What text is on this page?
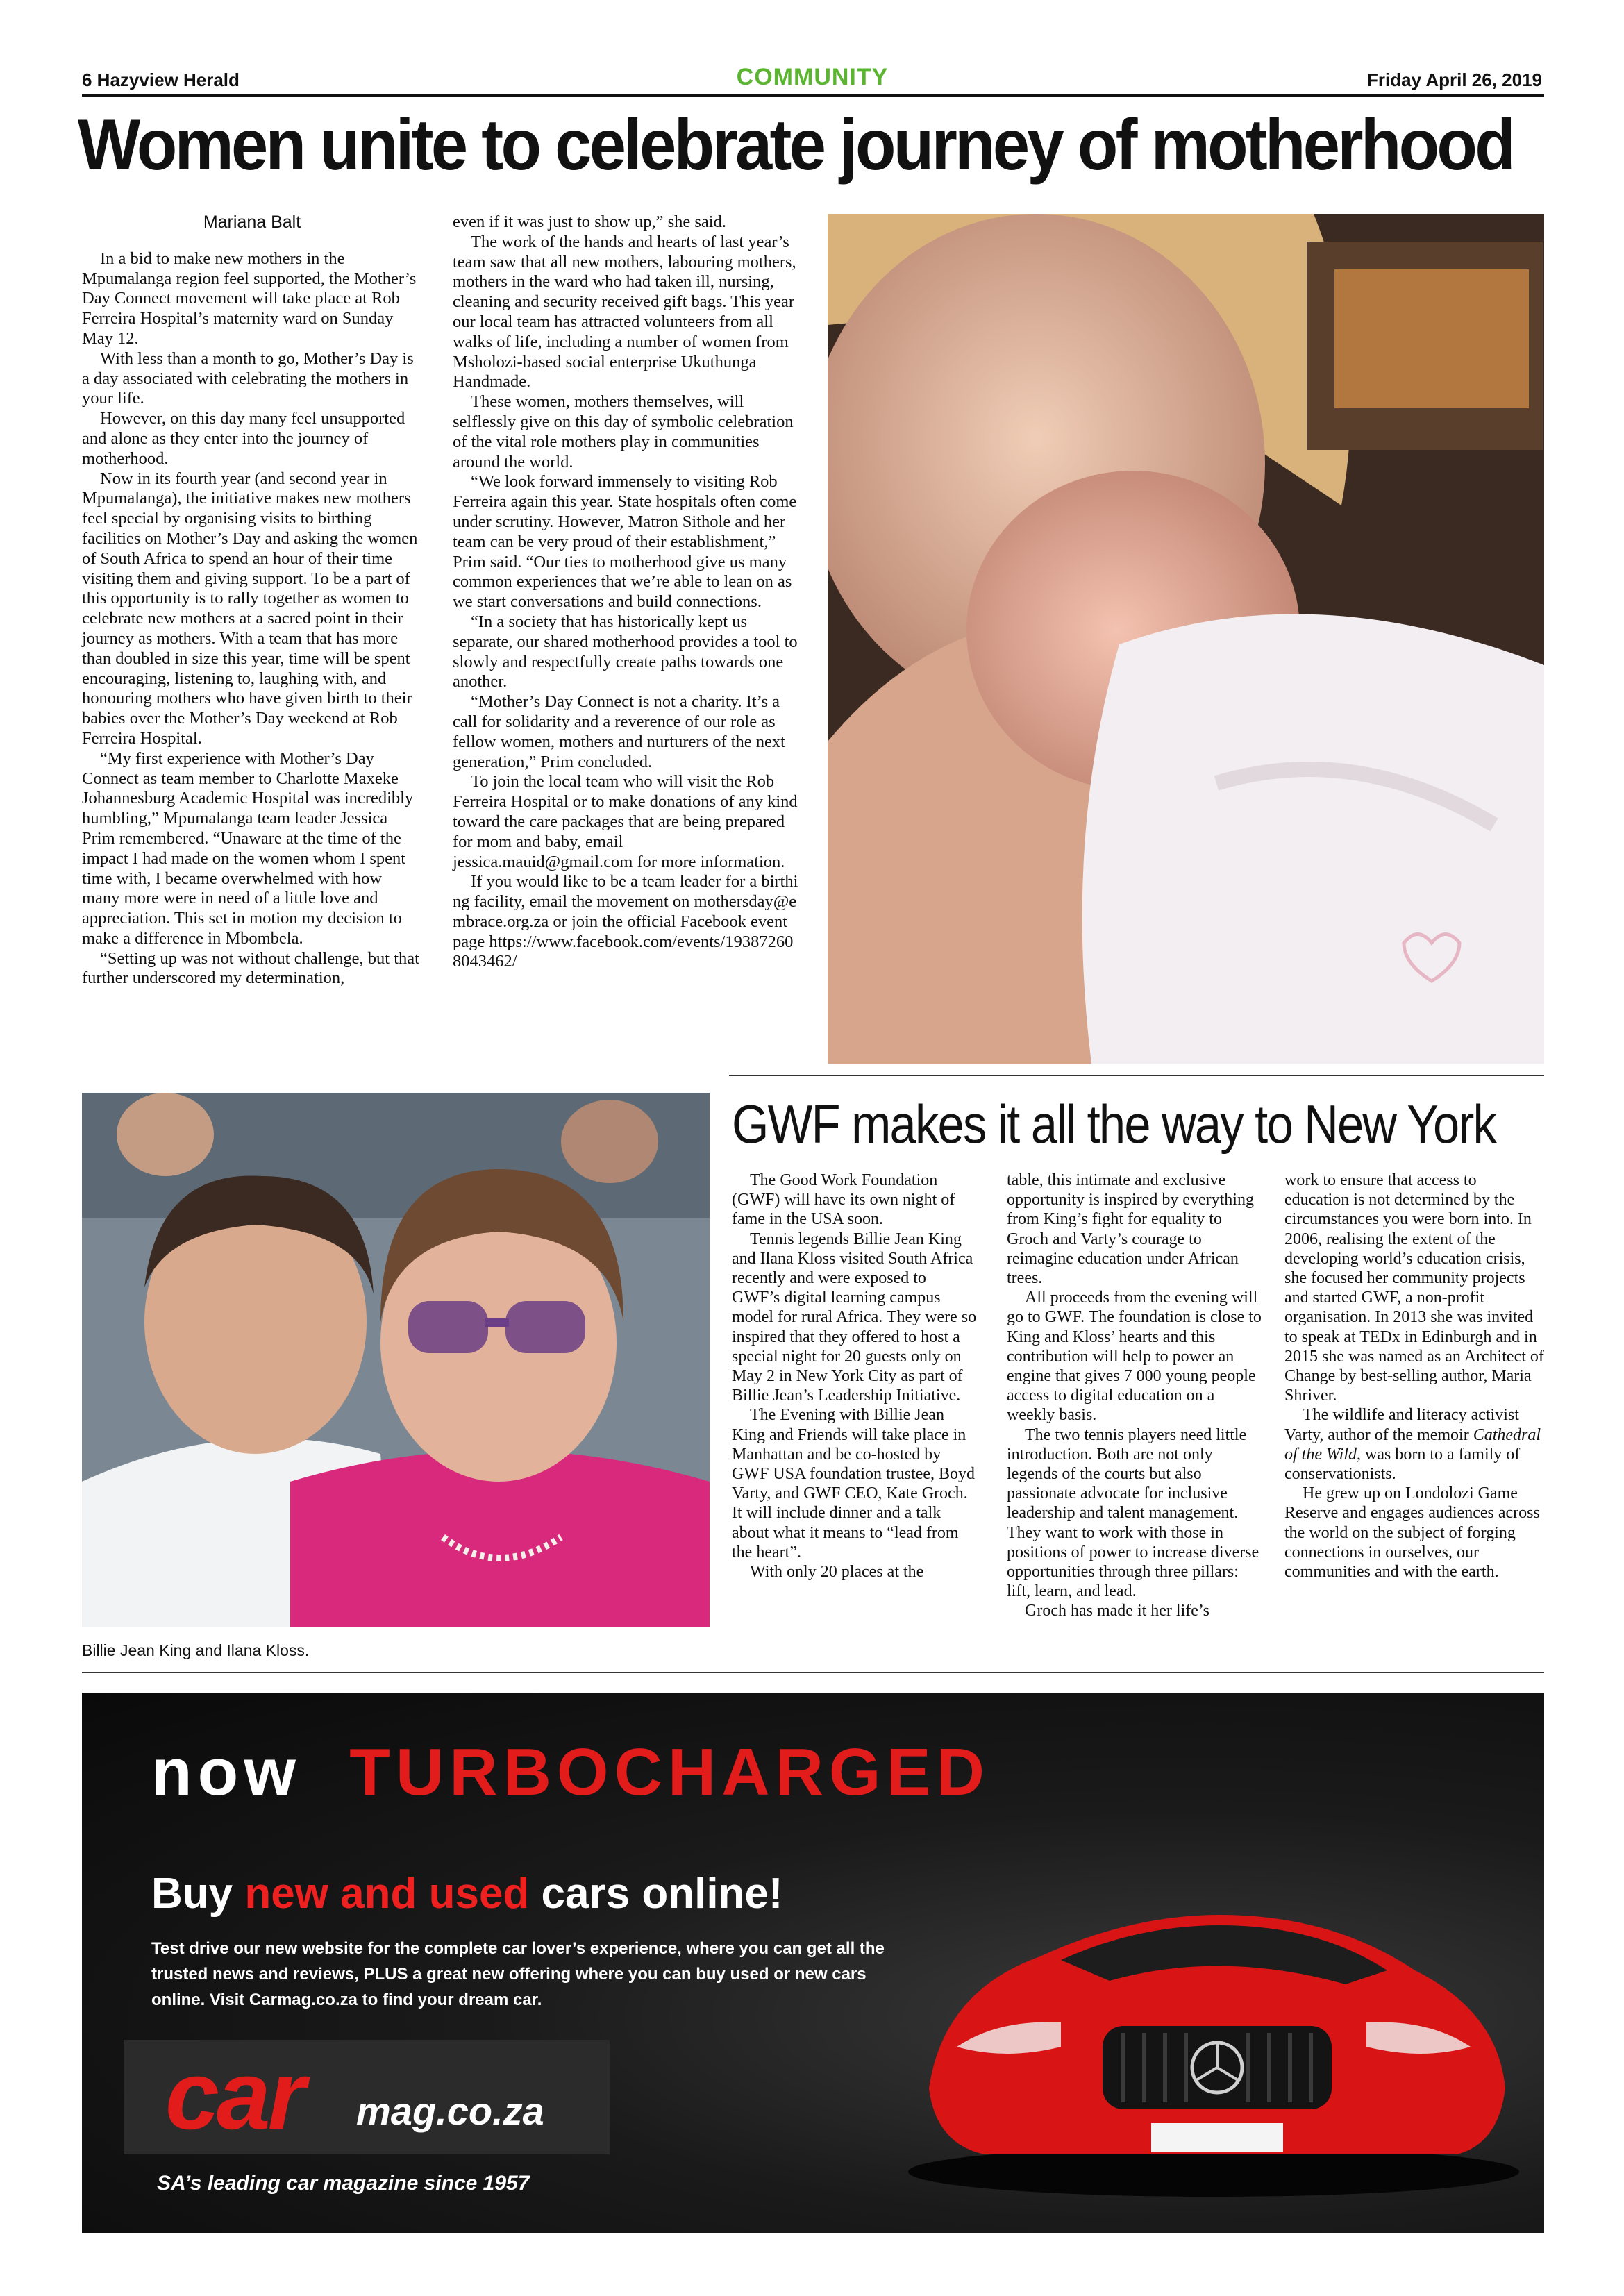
6 Hazyview Herald	COMMUNITY	Friday April 26, 2019
Women unite to celebrate journey of motherhood

Mariana Balt

In a bid to make new mothers in the Mpumalanga region feel supported, the Mother’s Day Connect movement will take place at Rob Ferreira Hospital’s maternity ward on Sunday May 12.

With less than a month to go, Mother’s Day is a day associated with celebrating the mothers in your life.

However, on this day many feel unsupported and alone as they enter into the journey of motherhood.

Now in its fourth year (and second year in Mpumalanga), the initiative makes new mothers feel special by organising visits to birthing facilities on Mother’s Day and asking the women of South Africa to spend an hour of their time visiting them and giving support. To be a part of this opportunity is to rally together as women to celebrate new mothers at a sacred point in their journey as mothers. With a team that has more than doubled in size this year, time will be spent encouraging, listening to, laughing with, and honouring mothers who have given birth to their babies over the Mother’s Day weekend at Rob Ferreira Hospital.

“My first experience with Mother’s Day Connect as team member to Charlotte Maxeke Johannesburg Academic Hospital was incredibly humbling,” Mpumalanga team leader Jessica Prim remembered. “Unaware at the time of the impact I had made on the women whom I spent time with, I became overwhelmed with how many more were in need of a little love and appreciation. This set in motion my decision to make a difference in Mbombela.

“Setting up was not without challenge, but that further underscored my determination,

even if it was just to show up,” she said.

The work of the hands and hearts of last year’s team saw that all new mothers, labouring mothers, mothers in the ward who had taken ill, nursing, cleaning and security received gift bags. This year our local team has attracted volunteers from all walks of life, including a number of women from Msholozi-based social enterprise Ukuthunga Handmade.

These women, mothers themselves, will selflessly give on this day of symbolic celebration of the vital role mothers play in communities around the world.

“We look forward immensely to visiting Rob Ferreira again this year. State hospitals often come under scrutiny. However, Matron Sithole and her team can be very proud of their establishment,” Prim said. “Our ties to motherhood give us many common experiences that we’re able to lean on as we start conversations and build connections.

“In a society that has historically kept us separate, our shared motherhood provides a tool to slowly and respectfully create paths towards one another.

“Mother’s Day Connect is not a charity. It’s a call for solidarity and a reverence of our role as fellow women, mothers and nurturers of the next generation,” Prim concluded.

To join the local team who will visit the Rob Ferreira Hospital or to make donations of any kind toward the care packages that are being prepared for mom and baby, email jessica.mauid@gmail.com for more information.

If you would like to be a team leader for a birthing facility, email the movement on mothersday@embrace.org.za or join the official Facebook event page https://www.facebook.com/events/193872608043462/

Billie Jean King and Ilana Kloss.
GWF makes it all the way to New York

The Good Work Foundation (GWF) will have its own night of fame in the USA soon.

Tennis legends Billie Jean King and Ilana Kloss visited South Africa recently and were exposed to GWF’s digital learning campus model for rural Africa. They were so inspired that they offered to host a special night for 20 guests only on May 2 in New York City as part of Billie Jean’s Leadership Initiative.

The Evening with Billie Jean King and Friends will take place in Manhattan and be co-hosted by GWF USA foundation trustee, Boyd Varty, and GWF CEO, Kate Groch. It will include dinner and a talk about what it means to “lead from the heart”.

With only 20 places at the

table, this intimate and exclusive opportunity is inspired by everything from King’s fight for equality to Groch and Varty’s courage to reimagine education under African trees.

All proceeds from the evening will go to GWF. The foundation is close to King and Kloss’ hearts and this contribution will help to power an engine that gives 7 000 young people access to digital education on a weekly basis.

The two tennis players need little introduction. Both are not only legends of the courts but also passionate advocate for inclusive leadership and talent management. They want to work with those in positions of power to increase diverse opportunities through three pillars: lift, learn, and lead.

Groch has made it her life’s

work to ensure that access to education is not determined by the circumstances you were born into. In 2006, realising the extent of the developing world’s education crisis, she focused her community projects and started GWF, a non-profit organisation. In 2013 she was invited to speak at TEDx in Edinburgh and in 2015 she was named as an Architect of Change by best-selling author, Maria Shriver.

The wildlife and literacy activist Varty, author of the memoir Cathedral of the Wild, was born to a family of conservationists.

He grew up on Londolozi Game Reserve and engages audiences across the world on the subject of forging connections in ourselves, our communities and with the earth.

now TURBOCHARGED
Buy new and used cars online!
Test drive our new website for the complete car lover’s experience, where you can get all the trusted news and reviews, PLUS a great new offering where you can buy used or new cars online. Visit Carmag.co.za to find your dream car.
car mag.co.za
SA’s leading car magazine since 1957
